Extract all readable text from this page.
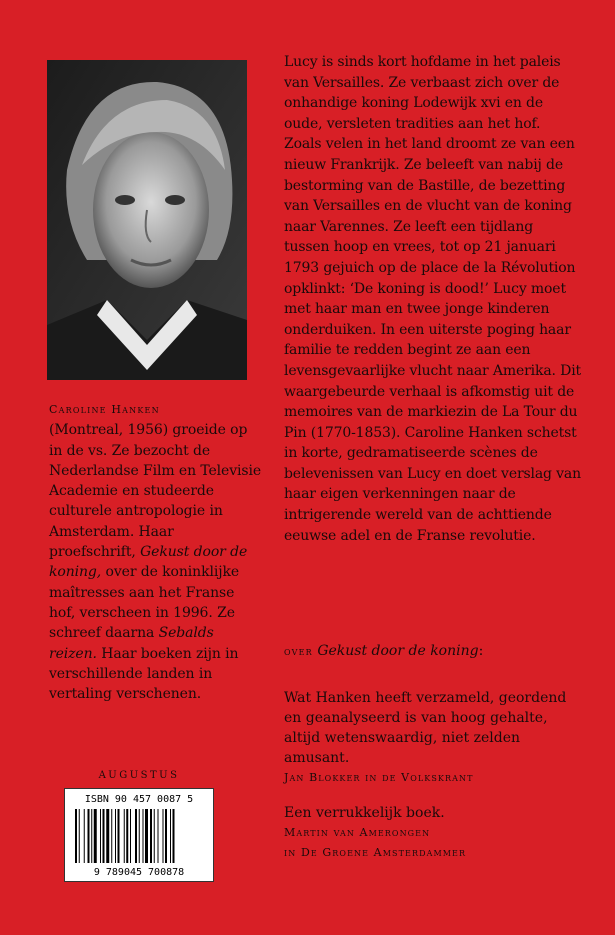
Caroline Hanken

(Montreal, 1956) groeide op in de vs. Ze bezocht de Nederlandse Film en Televisie Academie en studeerde culturele antropologie in Amsterdam. Haar proefschrift, Gekust door de koning, over de koninklijke maîtresses aan het Franse hof, verscheen in 1996. Ze schreef daarna Sebalds reizen. Haar boeken zijn in verschillende landen in vertaling verschenen.

Lucy is sinds kort hofdame in het paleis van Versailles. Ze verbaast zich over de onhandige koning Lodewijk xvi en de oude, versleten tradities aan het hof. Zoals velen in het land droomt ze van een nieuw Frankrijk. Ze beleeft van nabij de bestorming van de Bastille, de bezetting van Versailles en de vlucht van de koning naar Varennes. Ze leeft een tijdlang tussen hoop en vrees, tot op 21 januari 1793 gejuich op de place de la Révolution opklinkt: ‘De koning is dood!’ Lucy moet met haar man en twee jonge kinderen onderduiken. In een uiterste poging haar familie te redden begint ze aan een levensgevaarlijke vlucht naar Amerika. Dit waargebeurde verhaal is afkomstig uit de memoires van de markiezin de La Tour du Pin (1770-1853). Caroline Hanken schetst in korte, gedramatiseerde scènes de belevenissen van Lucy en doet verslag van haar eigen verkenningen naar de intrigerende wereld van de achttiende eeuwse adel en de Franse revolutie.

over Gekust door de koning:
Wat Hanken heeft verzameld, geordend en geanalyseerd is van hoog gehalte, altijd wetenswaardig, niet zelden amusant.
Jan Blokker in de Volkskrant
Een verrukkelijk boek.
Martin van Amerongen
in De Groene Amsterdammer
AUGUSTUS
ISBN 90 457 0087 5
9 789045 700878
